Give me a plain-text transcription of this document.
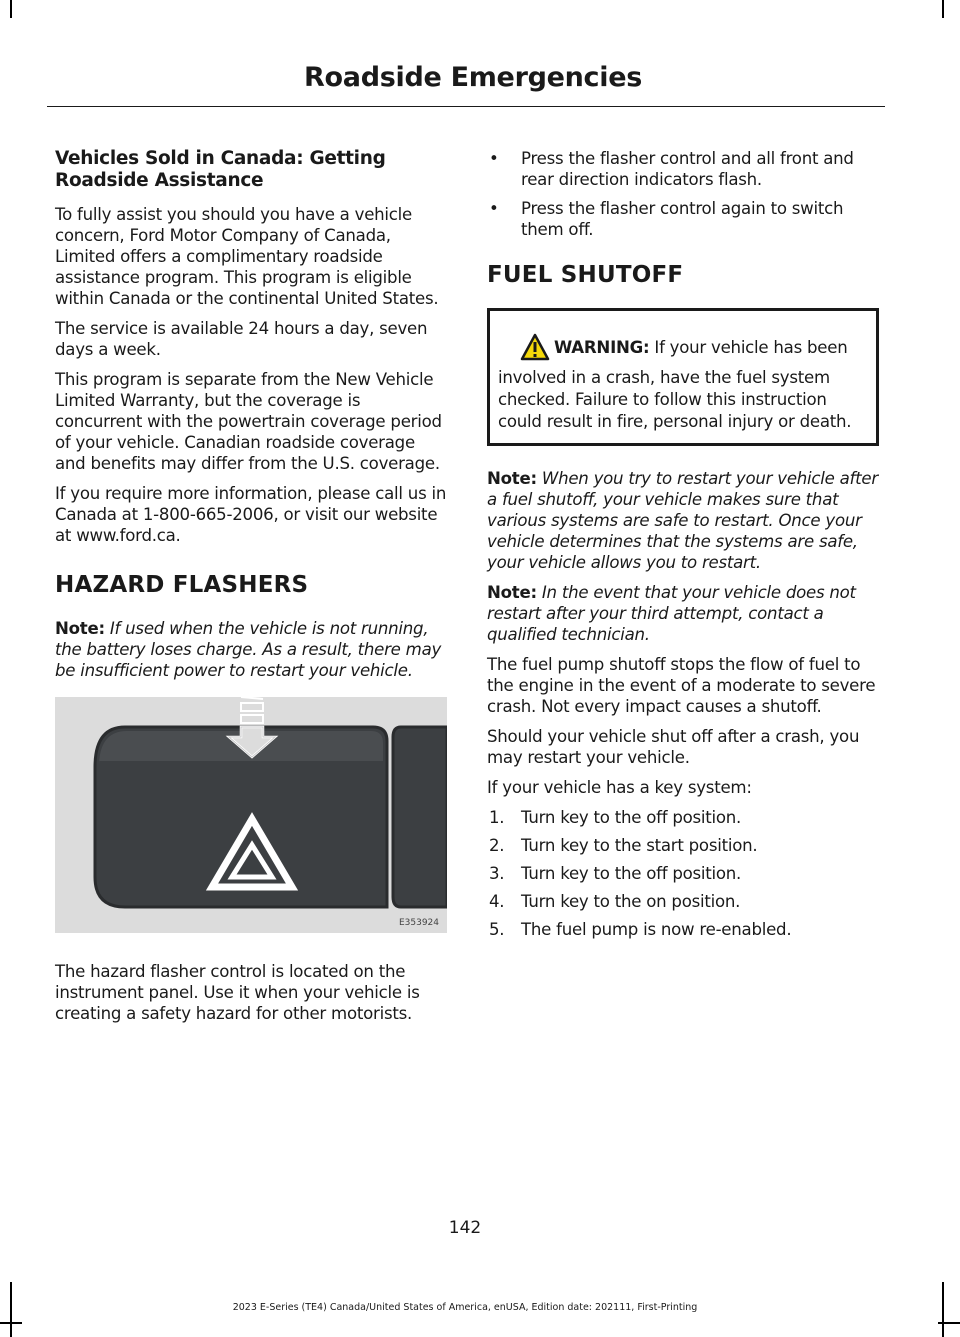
Roadside Emergencies
Vehicles Sold in Canada: Getting Roadside Assistance

To fully assist you should you have a vehicle concern, Ford Motor Company of Canada, Limited offers a complimentary roadside assistance program. This program is eligible within Canada or the continental United States.

The service is available 24 hours a day, seven days a week.

This program is separate from the New Vehicle Limited Warranty, but the coverage is concurrent with the powertrain coverage period of your vehicle. Canadian roadside coverage and benefits may differ from the U.S. coverage.

If you require more information, please call us in Canada at 1-800-665-2006, or visit our website at www.ford.ca.

HAZARD FLASHERS

Note: If used when the vehicle is not running, the battery loses charge. As a result, there may be insufficient power to restart your vehicle.

E353924

The hazard flasher control is located on the instrument panel. Use it when your vehicle is creating a safety hazard for other motorists.

• Press the flasher control and all front and rear direction indicators flash.
• Press the flasher control again to switch them off.
FUEL SHUTOFF
WARNING: If your vehicle has been involved in a crash, have the fuel system checked. Failure to follow this instruction could result in fire, personal injury or death.

Note: When you try to restart your vehicle after a fuel shutoff, your vehicle makes sure that various systems are safe to restart. Once your vehicle determines that the systems are safe, your vehicle allows you to restart.

Note: In the event that your vehicle does not restart after your third attempt, contact a qualified technician.

The fuel pump shutoff stops the flow of fuel to the engine in the event of a moderate to severe crash. Not every impact causes a shutoff.

Should your vehicle shut off after a crash, you may restart your vehicle.

If your vehicle has a key system:

1. Turn key to the off position.
2. Turn key to the start position.
3. Turn key to the off position.
4. Turn key to the on position.
5. The fuel pump is now re-enabled.
142
2023 E-Series (TE4) Canada/United States of America, enUSA, Edition date: 202111, First-Printing
